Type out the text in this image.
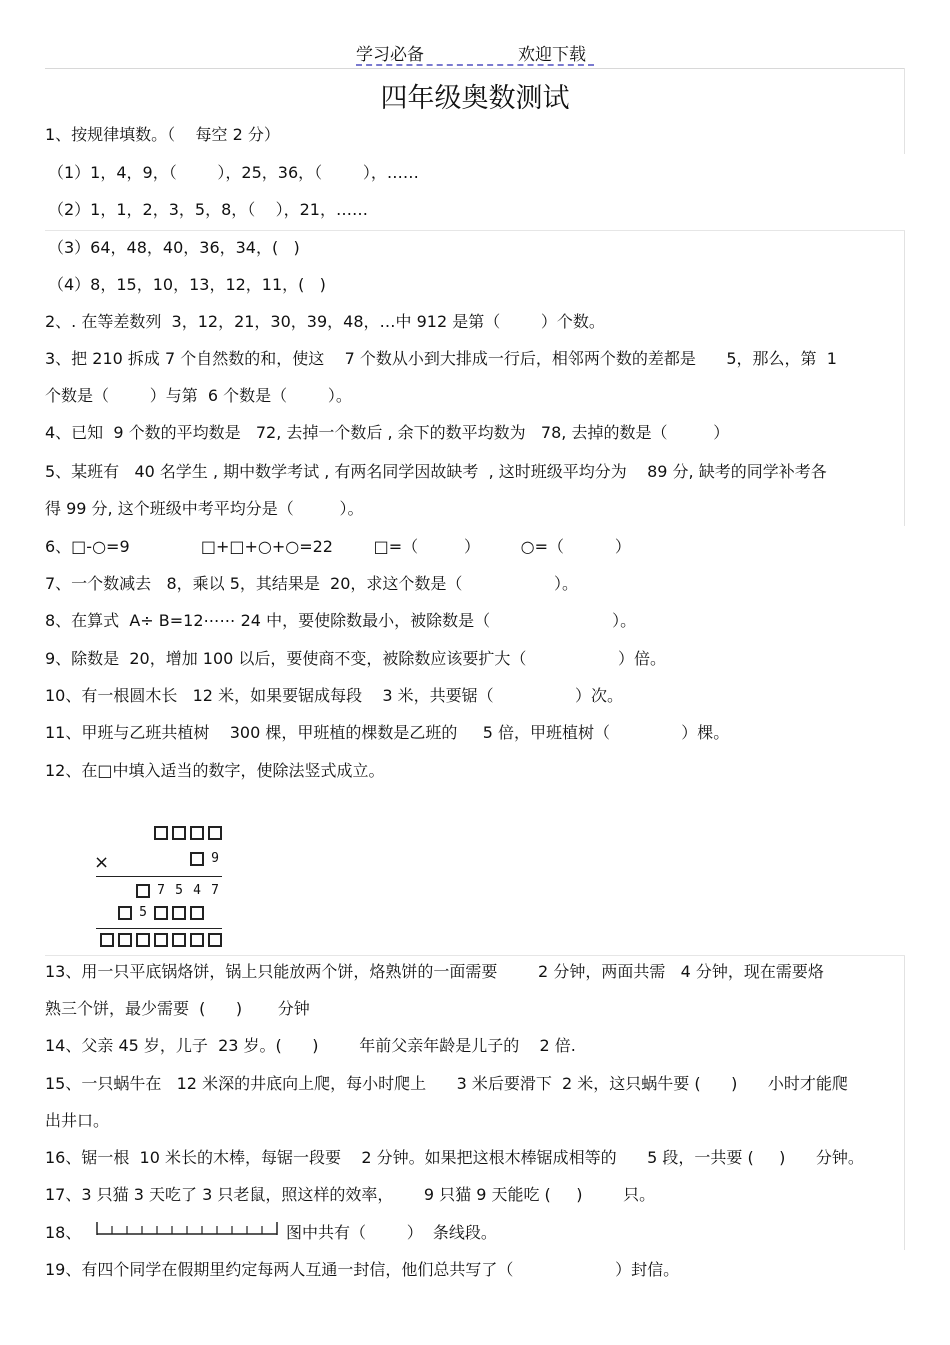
学习必备	欢迎下载
四年级奥数测试
1、按规律填数。（    每空 2 分）
（1）1，4，9，（        ），25，36，（        ），……
（2）1，1，2，3，5，8，（    ），21，……
（3）64，48，40，36，34，(   )
（4）8，15，10，13，12，11，(   )
2、. 在等差数列  3，12，21，30，39，48，…中 912 是第（        ）个数。
3、把 210 拆成 7 个自然数的和，使这    7 个数从小到大排成一行后，相邻两个数的差都是      5，那么，第  1
个数是（        ）与第  6 个数是（        ）。
4、已知  9 个数的平均数是   72, 去掉一个数后 , 余下的数平均数为   78, 去掉的数是（         ）
5、某班有   40 名学生 , 期中数学考试 , 有两名同学因故缺考  , 这时班级平均分为    89 分, 缺考的同学补考各
得 99 分, 这个班级中考平均分是（         ）。
6、□-○=9              □+□+○+○=22        □=（         ）        ○=（          ）
7、一个数减去   8，乘以 5，其结果是  20，求这个数是（                  ）。
8、在算式  A÷ B=12⋯⋯ 24 中，要使除数最小，被除数是（                        ）。
9、除数是  20，增加 100 以后，要使商不变，被除数应该要扩大（                  ）倍。
10、有一根圆木长   12 米，如果要锯成每段    3 米，共要锯（                ）次。
11、甲班与乙班共植树    300 棵，甲班植的棵数是乙班的     5 倍，甲班植树（              ）棵。
12、在□中填入适当的数字，使除法竖式成立。
×	9
7 5 4 7
5
13、用一只平底锅烙饼，锅上只能放两个饼，烙熟饼的一面需要        2 分钟，两面共需   4 分钟，现在需要烙
熟三个饼，最少需要  (      )       分钟
14、父亲 45 岁，儿子  23 岁。(      )        年前父亲年龄是儿子的    2 倍.
15、一只蜗牛在   12 米深的井底向上爬，每小时爬上      3 米后要滑下  2 米，这只蜗牛要 (      )      小时才能爬
出井口。
16、锯一根  10 米长的木棒，每锯一段要    2 分钟。如果把这根木棒锯成相等的      5 段，一共要 (     )      分钟。
17、3 只猫 3 天吃了 3 只老鼠，照这样的效率，      9 只猫 9 天能吃 (     )        只。
18、	图中共有（        ）  条线段。
19、有四个同学在假期里约定每两人互通一封信，他们总共写了（                    ）封信。
